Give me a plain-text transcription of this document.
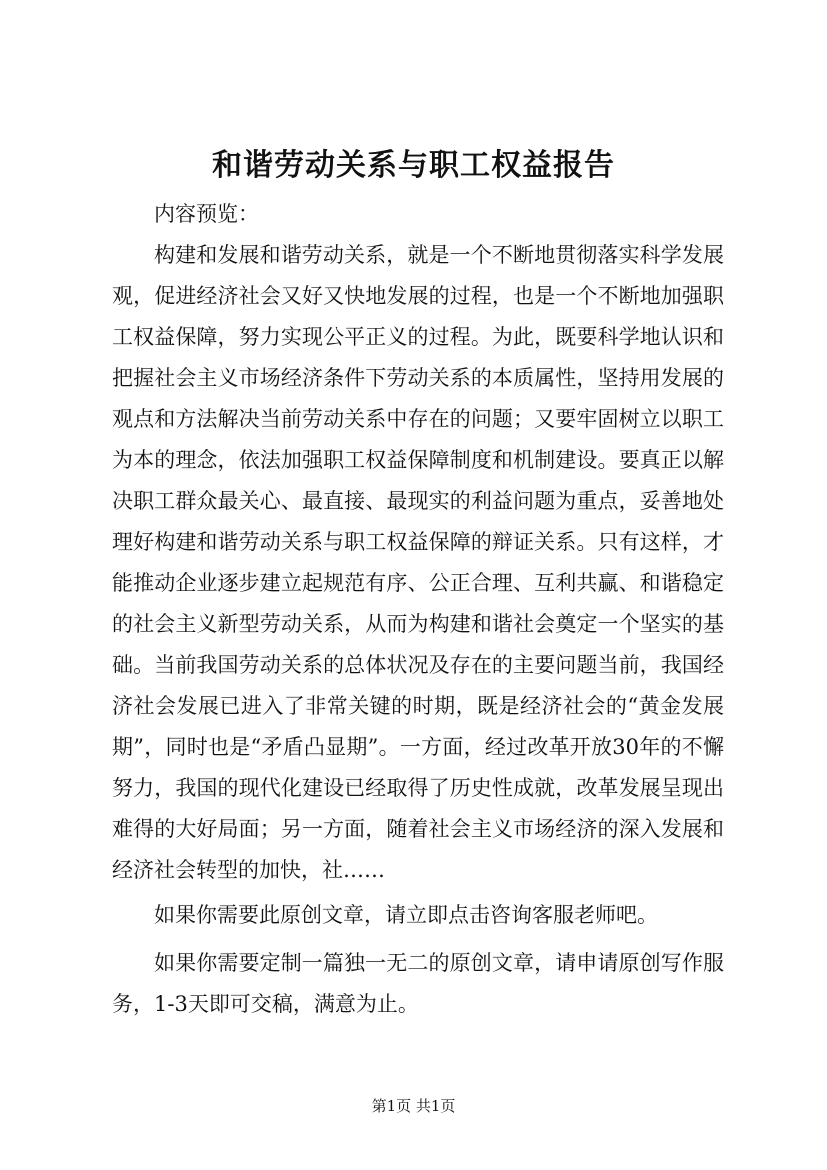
和谐劳动关系与职工权益报告

内容预览：

构建和发展和谐劳动关系，就是一个不断地贯彻落实科学发展观，促进经济社会又好又快地发展的过程，也是一个不断地加强职工权益保障，努力实现公平正义的过程。为此，既要科学地认识和把握社会主义市场经济条件下劳动关系的本质属性，坚持用发展的观点和方法解决当前劳动关系中存在的问题；又要牢固树立以职工为本的理念，依法加强职工权益保障制度和机制建设。要真正以解决职工群众最关心、最直接、最现实的利益问题为重点，妥善地处理好构建和谐劳动关系与职工权益保障的辩证关系。只有这样，才能推动企业逐步建立起规范有序、公正合理、互利共赢、和谐稳定的社会主义新型劳动关系，从而为构建和谐社会奠定一个坚实的基础。当前我国劳动关系的总体状况及存在的主要问题当前，我国经济社会发展已进入了非常关键的时期，既是经济社会的“黄金发展期”，同时也是“矛盾凸显期”。一方面，经过改革开放30年的不懈努力，我国的现代化建设已经取得了历史性成就，改革发展呈现出难得的大好局面；另一方面，随着社会主义市场经济的深入发展和经济社会转型的加快，社……

如果你需要此原创文章，请立即点击咨询客服老师吧。

如果你需要定制一篇独一无二的原创文章，请申请原创写作服务，1-3天即可交稿，满意为止。

第1页 共1页
